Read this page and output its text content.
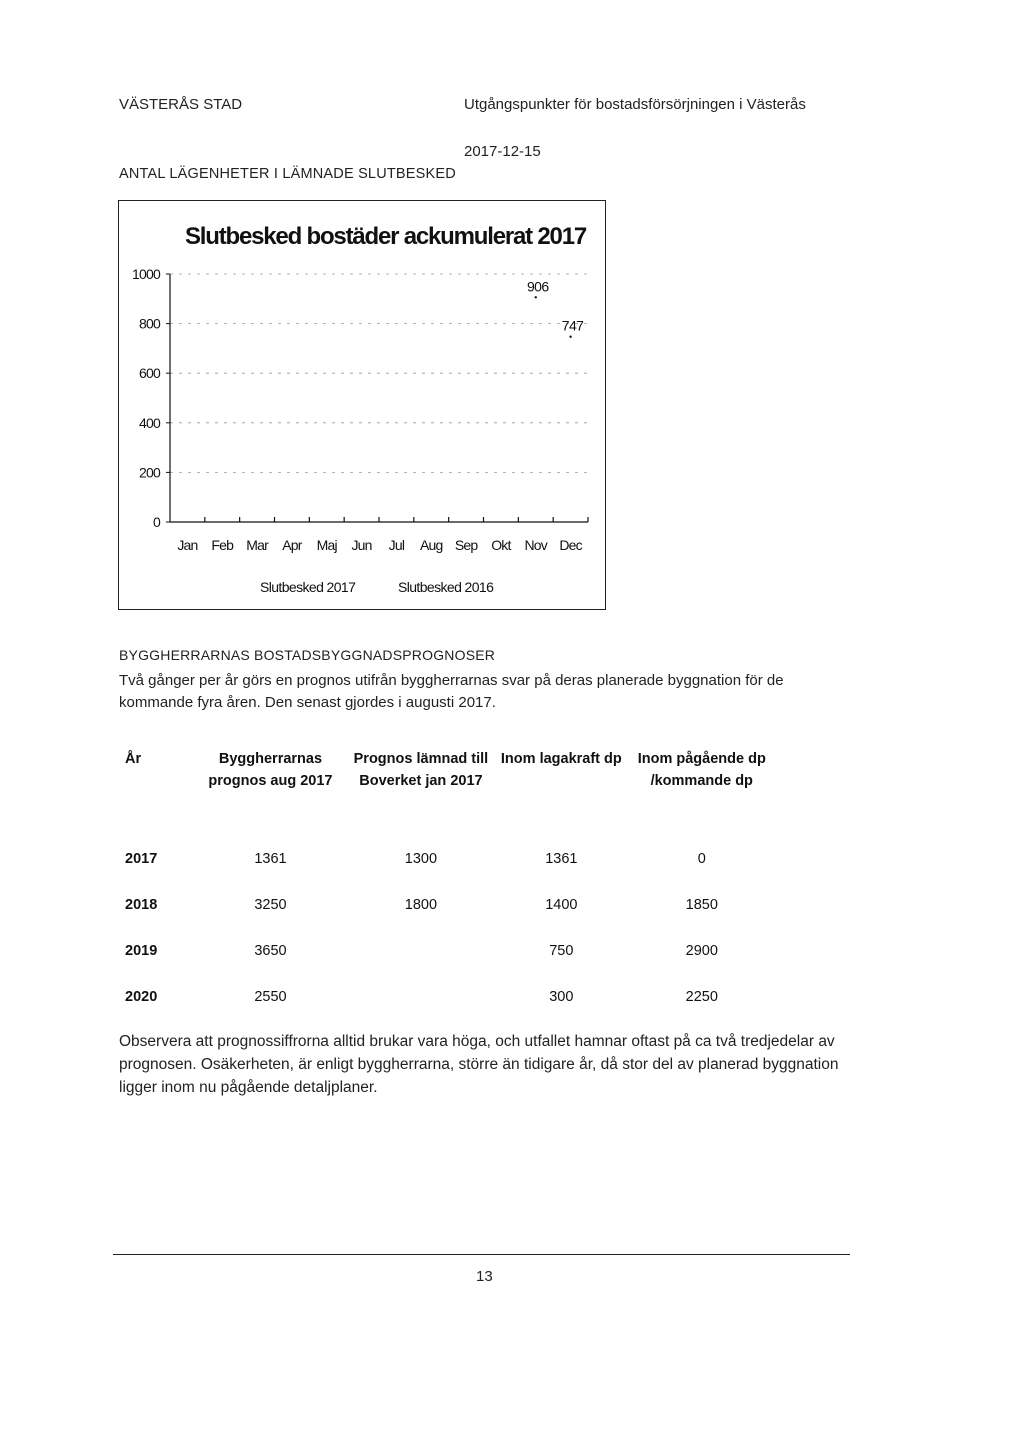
VÄSTERÅS STAD	Utgångspunkter för bostadsförsörjningen i Västerås
2017-12-15
ANTAL LÄGENHETER I LÄMNADE SLUTBESKED
Slutbesked bostäder ackumulerat 2017
0
200
400
600
800
1000
Jan Feb Mar Apr Maj Jun Jul Aug Sep Okt Nov Dec
906
747
Slutbesked 2017	Slutbesked 2016
BYGGHERRARNAS BOSTADSBYGGNADSPROGNOSER
Två gånger per år görs en prognos utifrån byggherrarnas svar på deras planerade byggnation för de kommande fyra åren. Den senast gjordes i augusti 2017.
År	Byggherrarnas prognos aug 2017	Prognos lämnad till Boverket jan 2017	Inom lagakraft dp	Inom pågående dp /kommande dp
2017	1361	1300	1361	0
2018	3250	1800	1400	1850
2019	3650		750	2900
2020	2550		300	2250
Observera att prognossiffrorna alltid brukar vara höga, och utfallet hamnar oftast på ca två tredjedelar av prognosen. Osäkerheten, är enligt byggherrarna, större än tidigare år, då stor del av planerad byggnation ligger inom nu pågående detaljplaner.
13
